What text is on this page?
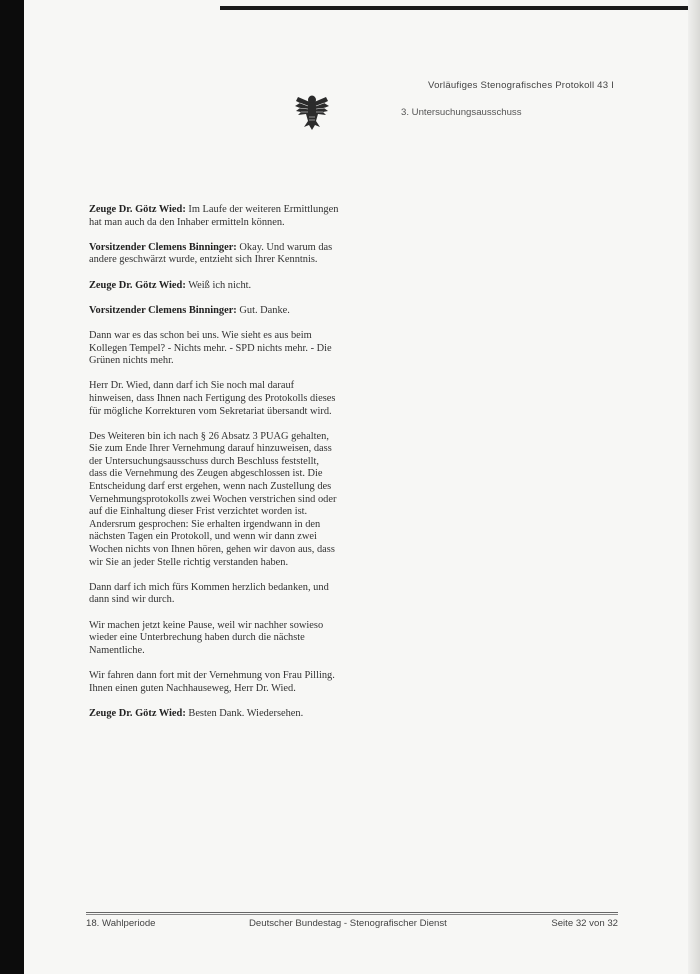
Vorläufiges Stenografisches Protokoll 43 I
3. Untersuchungsausschuss

Zeuge Dr. Götz Wied: Im Laufe der weiteren Ermittlungen hat man auch da den Inhaber ermitteln können.

Vorsitzender Clemens Binninger: Okay. Und warum das andere geschwärzt wurde, entzieht sich Ihrer Kenntnis.

Zeuge Dr. Götz Wied: Weiß ich nicht.

Vorsitzender Clemens Binninger: Gut. Danke.

Dann war es das schon bei uns. Wie sieht es aus beim Kollegen Tempel? - Nichts mehr. - SPD nichts mehr. - Die Grünen nichts mehr.

Herr Dr. Wied, dann darf ich Sie noch mal darauf hinweisen, dass Ihnen nach Fertigung des Protokolls dieses für mögliche Korrekturen vom Sekretariat übersandt wird.

Des Weiteren bin ich nach § 26 Absatz 3 PUAG gehalten, Sie zum Ende Ihrer Vernehmung darauf hinzuweisen, dass der Untersuchungsausschuss durch Beschluss feststellt, dass die Vernehmung des Zeugen abgeschlossen ist. Die Entscheidung darf erst ergehen, wenn nach Zustellung des Vernehmungsprotokolls zwei Wochen verstrichen sind oder auf die Einhaltung dieser Frist verzichtet worden ist. Andersrum gesprochen: Sie erhalten irgendwann in den nächsten Tagen ein Protokoll, und wenn wir dann zwei Wochen nichts von Ihnen hören, gehen wir davon aus, dass wir Sie an jeder Stelle richtig verstanden haben.

Dann darf ich mich fürs Kommen herzlich bedanken, und dann sind wir durch.

Wir machen jetzt keine Pause, weil wir nachher sowieso wieder eine Unterbrechung haben durch die nächste Namentliche.

Wir fahren dann fort mit der Vernehmung von Frau Pilling. Ihnen einen guten Nachhauseweg, Herr Dr. Wied.

Zeuge Dr. Götz Wied: Besten Dank. Wiedersehen.

18. Wahlperiode	Deutscher Bundestag - Stenografischer Dienst	Seite 32 von 32
